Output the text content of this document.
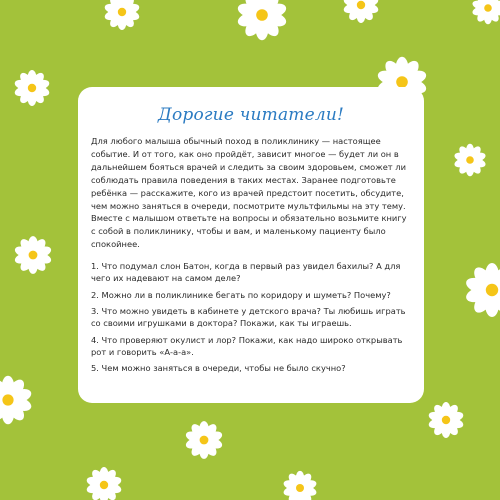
Дорогие читатели!

Для любого малыша обычный поход в поликлинику — настоящее событие. И от того, как оно пройдёт, зависит многое — будет ли он в дальнейшем бояться врачей и следить за своим здоровьем, сможет ли соблюдать правила поведения в таких местах. Заранее подготовьте ребёнка — расскажите, кого из врачей предстоит посетить, обсудите, чем можно заняться в очереди, посмотрите мультфильмы на эту тему. Вместе с малышом ответьте на вопросы и обязательно возьмите книгу с собой в поликлинику, чтобы и вам, и маленькому пациенту было спокойнее.

1. Что подумал слон Батон, когда в первый раз увидел бахилы? А для чего их надевают на самом деле?
2. Можно ли в поликлинике бегать по коридору и шуметь? Почему?
3. Что можно увидеть в кабинете у детского врача? Ты любишь играть со своими игрушками в доктора? Покажи, как ты играешь.
4. Что проверяют окулист и лор? Покажи, как надо широко открывать рот и говорить «А-а-а».
5. Чем можно заняться в очереди, чтобы не было скучно?
